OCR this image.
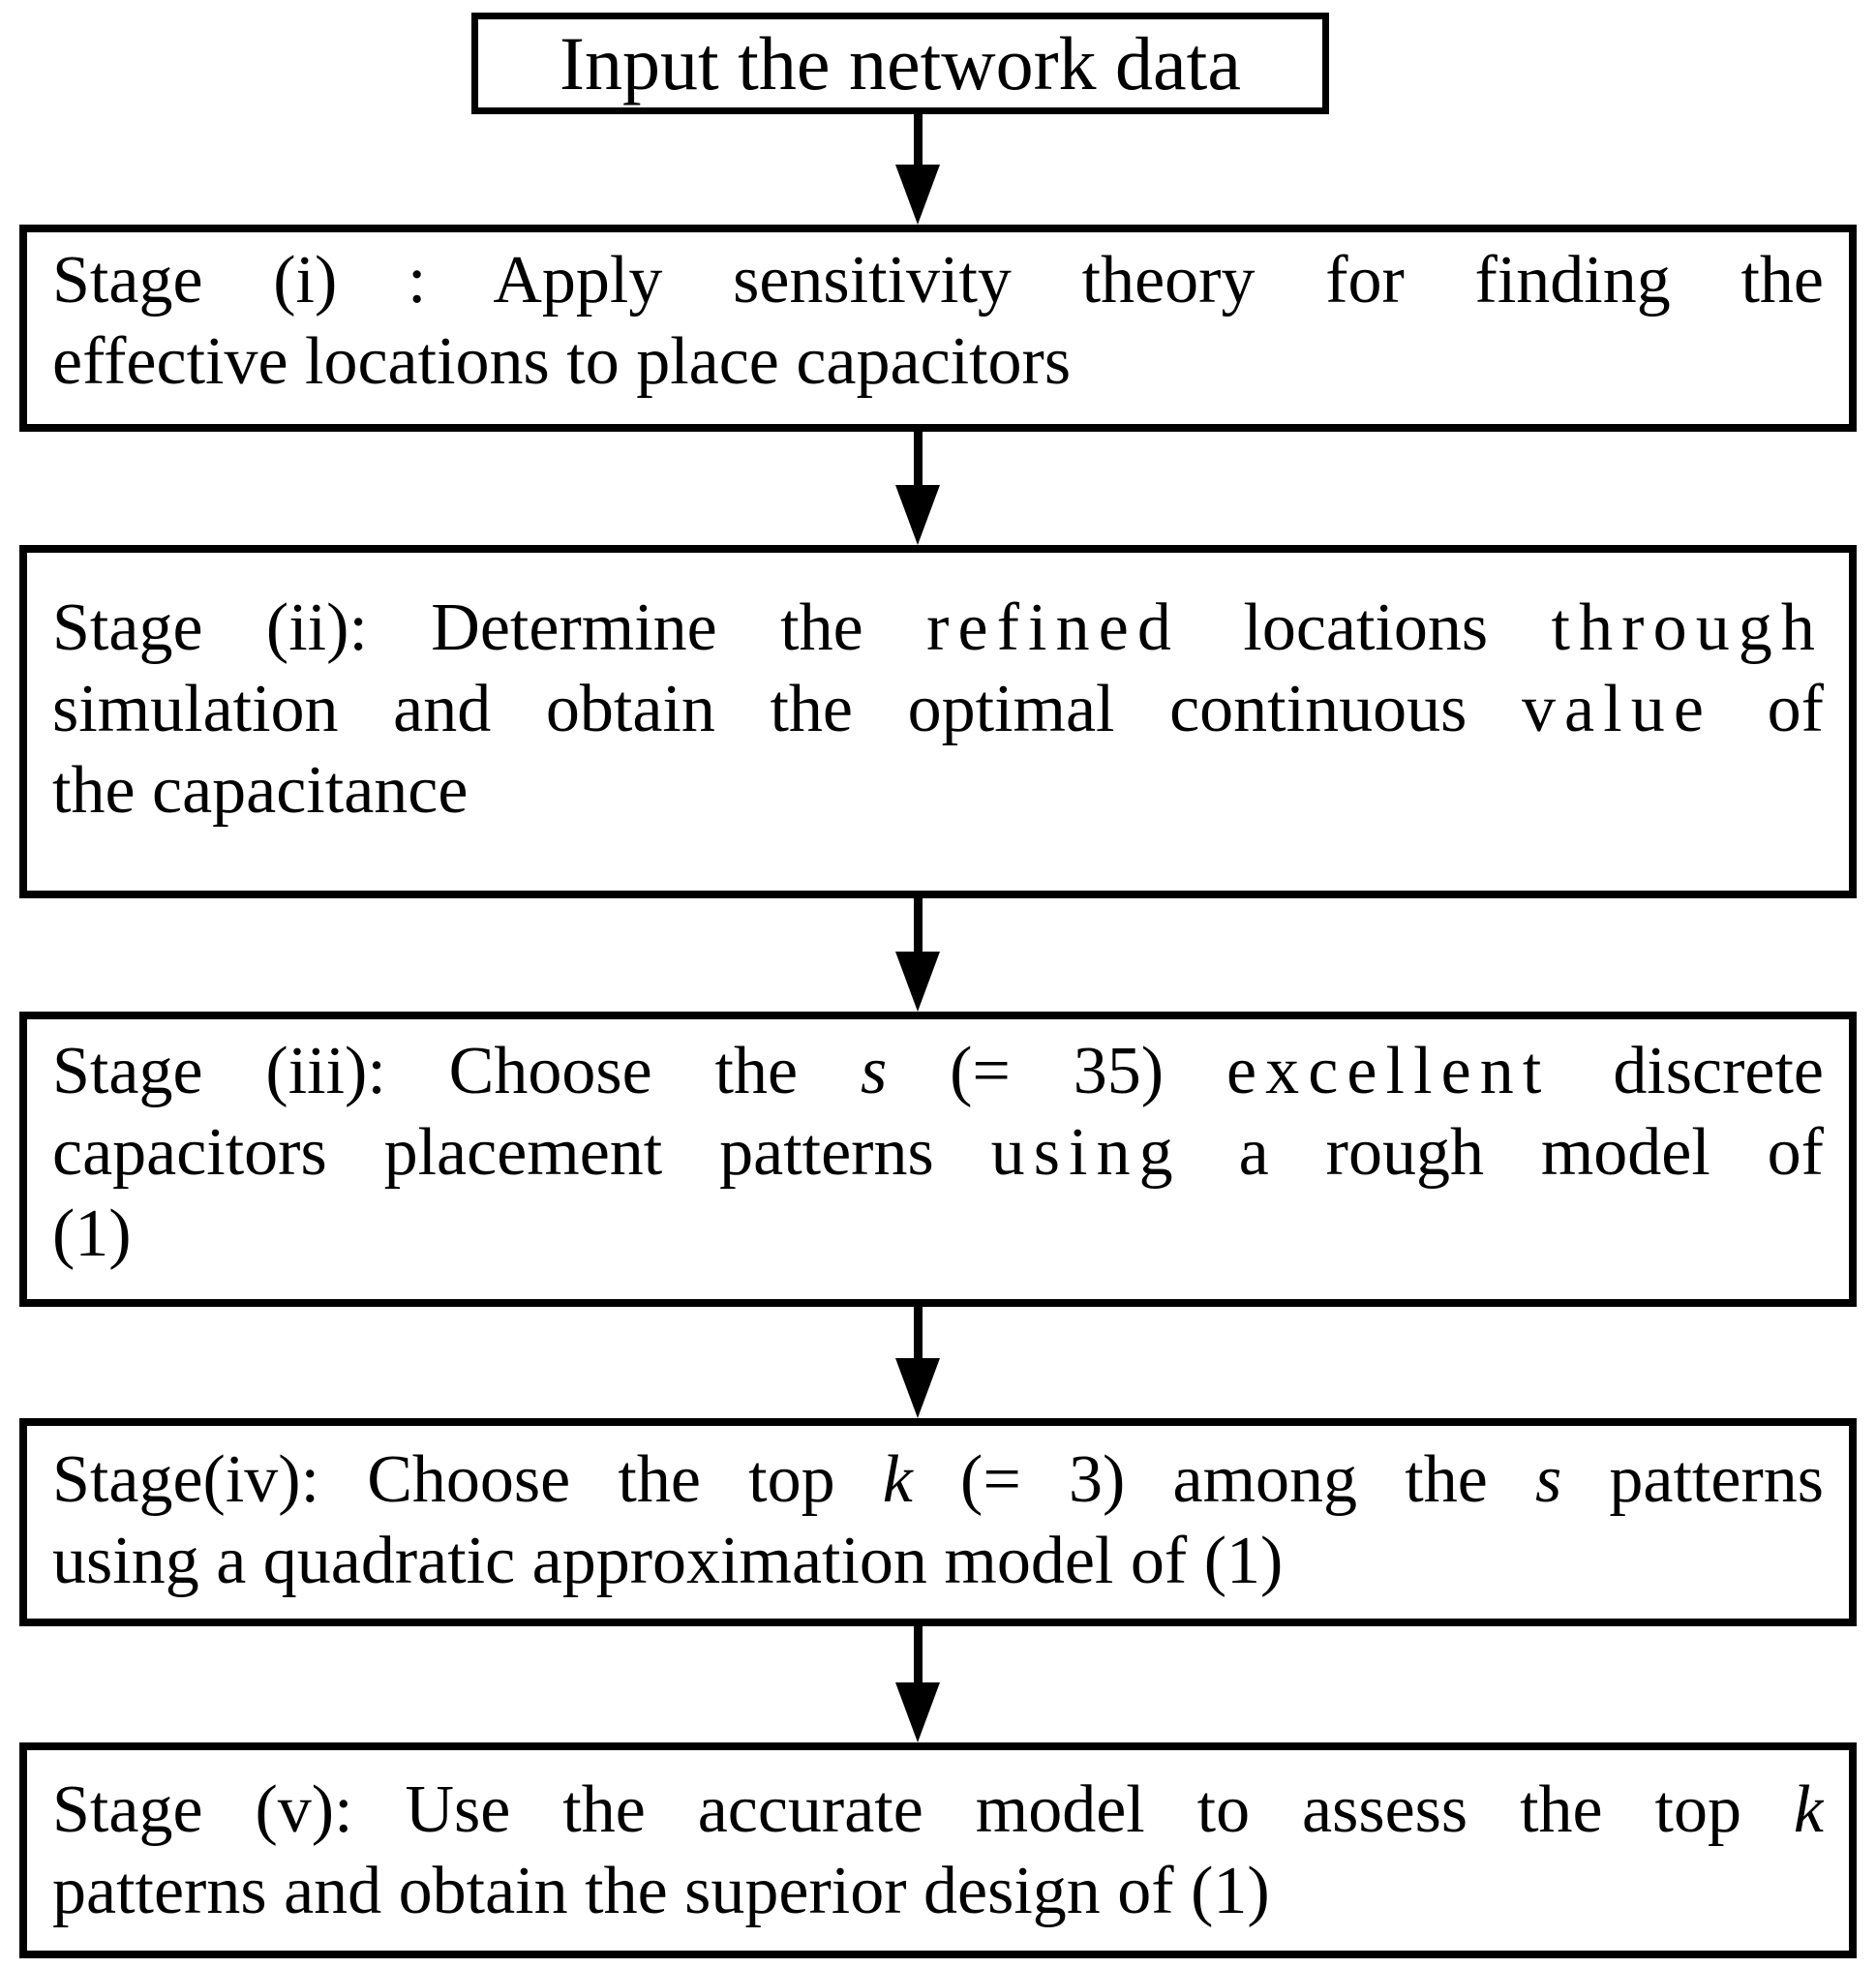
Input the network data
Stage (i) : Apply sensitivity theory for finding the
effective locations to place capacitors
Stage (ii): Determine the refined locations through
simulation and obtain the optimal continuous value of
the capacitance
Stage (iii): Choose the s (= 35) excellent discrete
capacitors placement patterns using a rough model of
(1)
Stage(iv): Choose the top k (= 3) among the s patterns
using a quadratic approximation model of (1)
Stage (v): Use the accurate model to assess the top k
patterns and obtain the superior design of (1)
